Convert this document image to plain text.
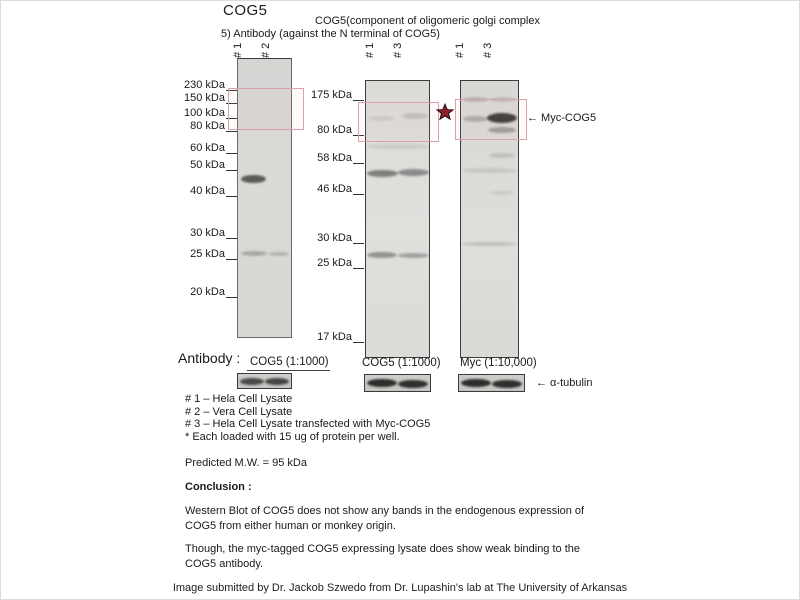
COG5
COG5(component of oligomeric golgi complex
5) Antibody (against the N terminal of COG5)
# 1 # 2	# 1 # 3	# 1 # 3
230 kDa
150 kDa
100 kDa
80 kDa
60 kDa
50 kDa
40 kDa
30 kDa
25 kDa
20 kDa
175 kDa
80 kDa
58 kDa
46 kDa
30 kDa
25 kDa
17 kDa
← Myc-COG5
Antibody : COG5 (1:1000)	COG5 (1:1000) Myc (1:10,000)
← α-tubulin
# 1 – Hela Cell Lysate
# 2 – Vera Cell Lysate
# 3 – Hela Cell Lysate transfected with Myc-COG5
* Each loaded with 15 ug of protein per well.
Predicted M.W. = 95 kDa
Conclusion :
Western Blot of COG5 does not show any bands in the endogenous expression of COG5 from either human or monkey origin.
Though, the myc-tagged COG5 expressing lysate does show weak binding to the COG5 antibody.
Image submitted by Dr. Jackob Szwedo from Dr. Lupashin's lab at The University of Arkansas
